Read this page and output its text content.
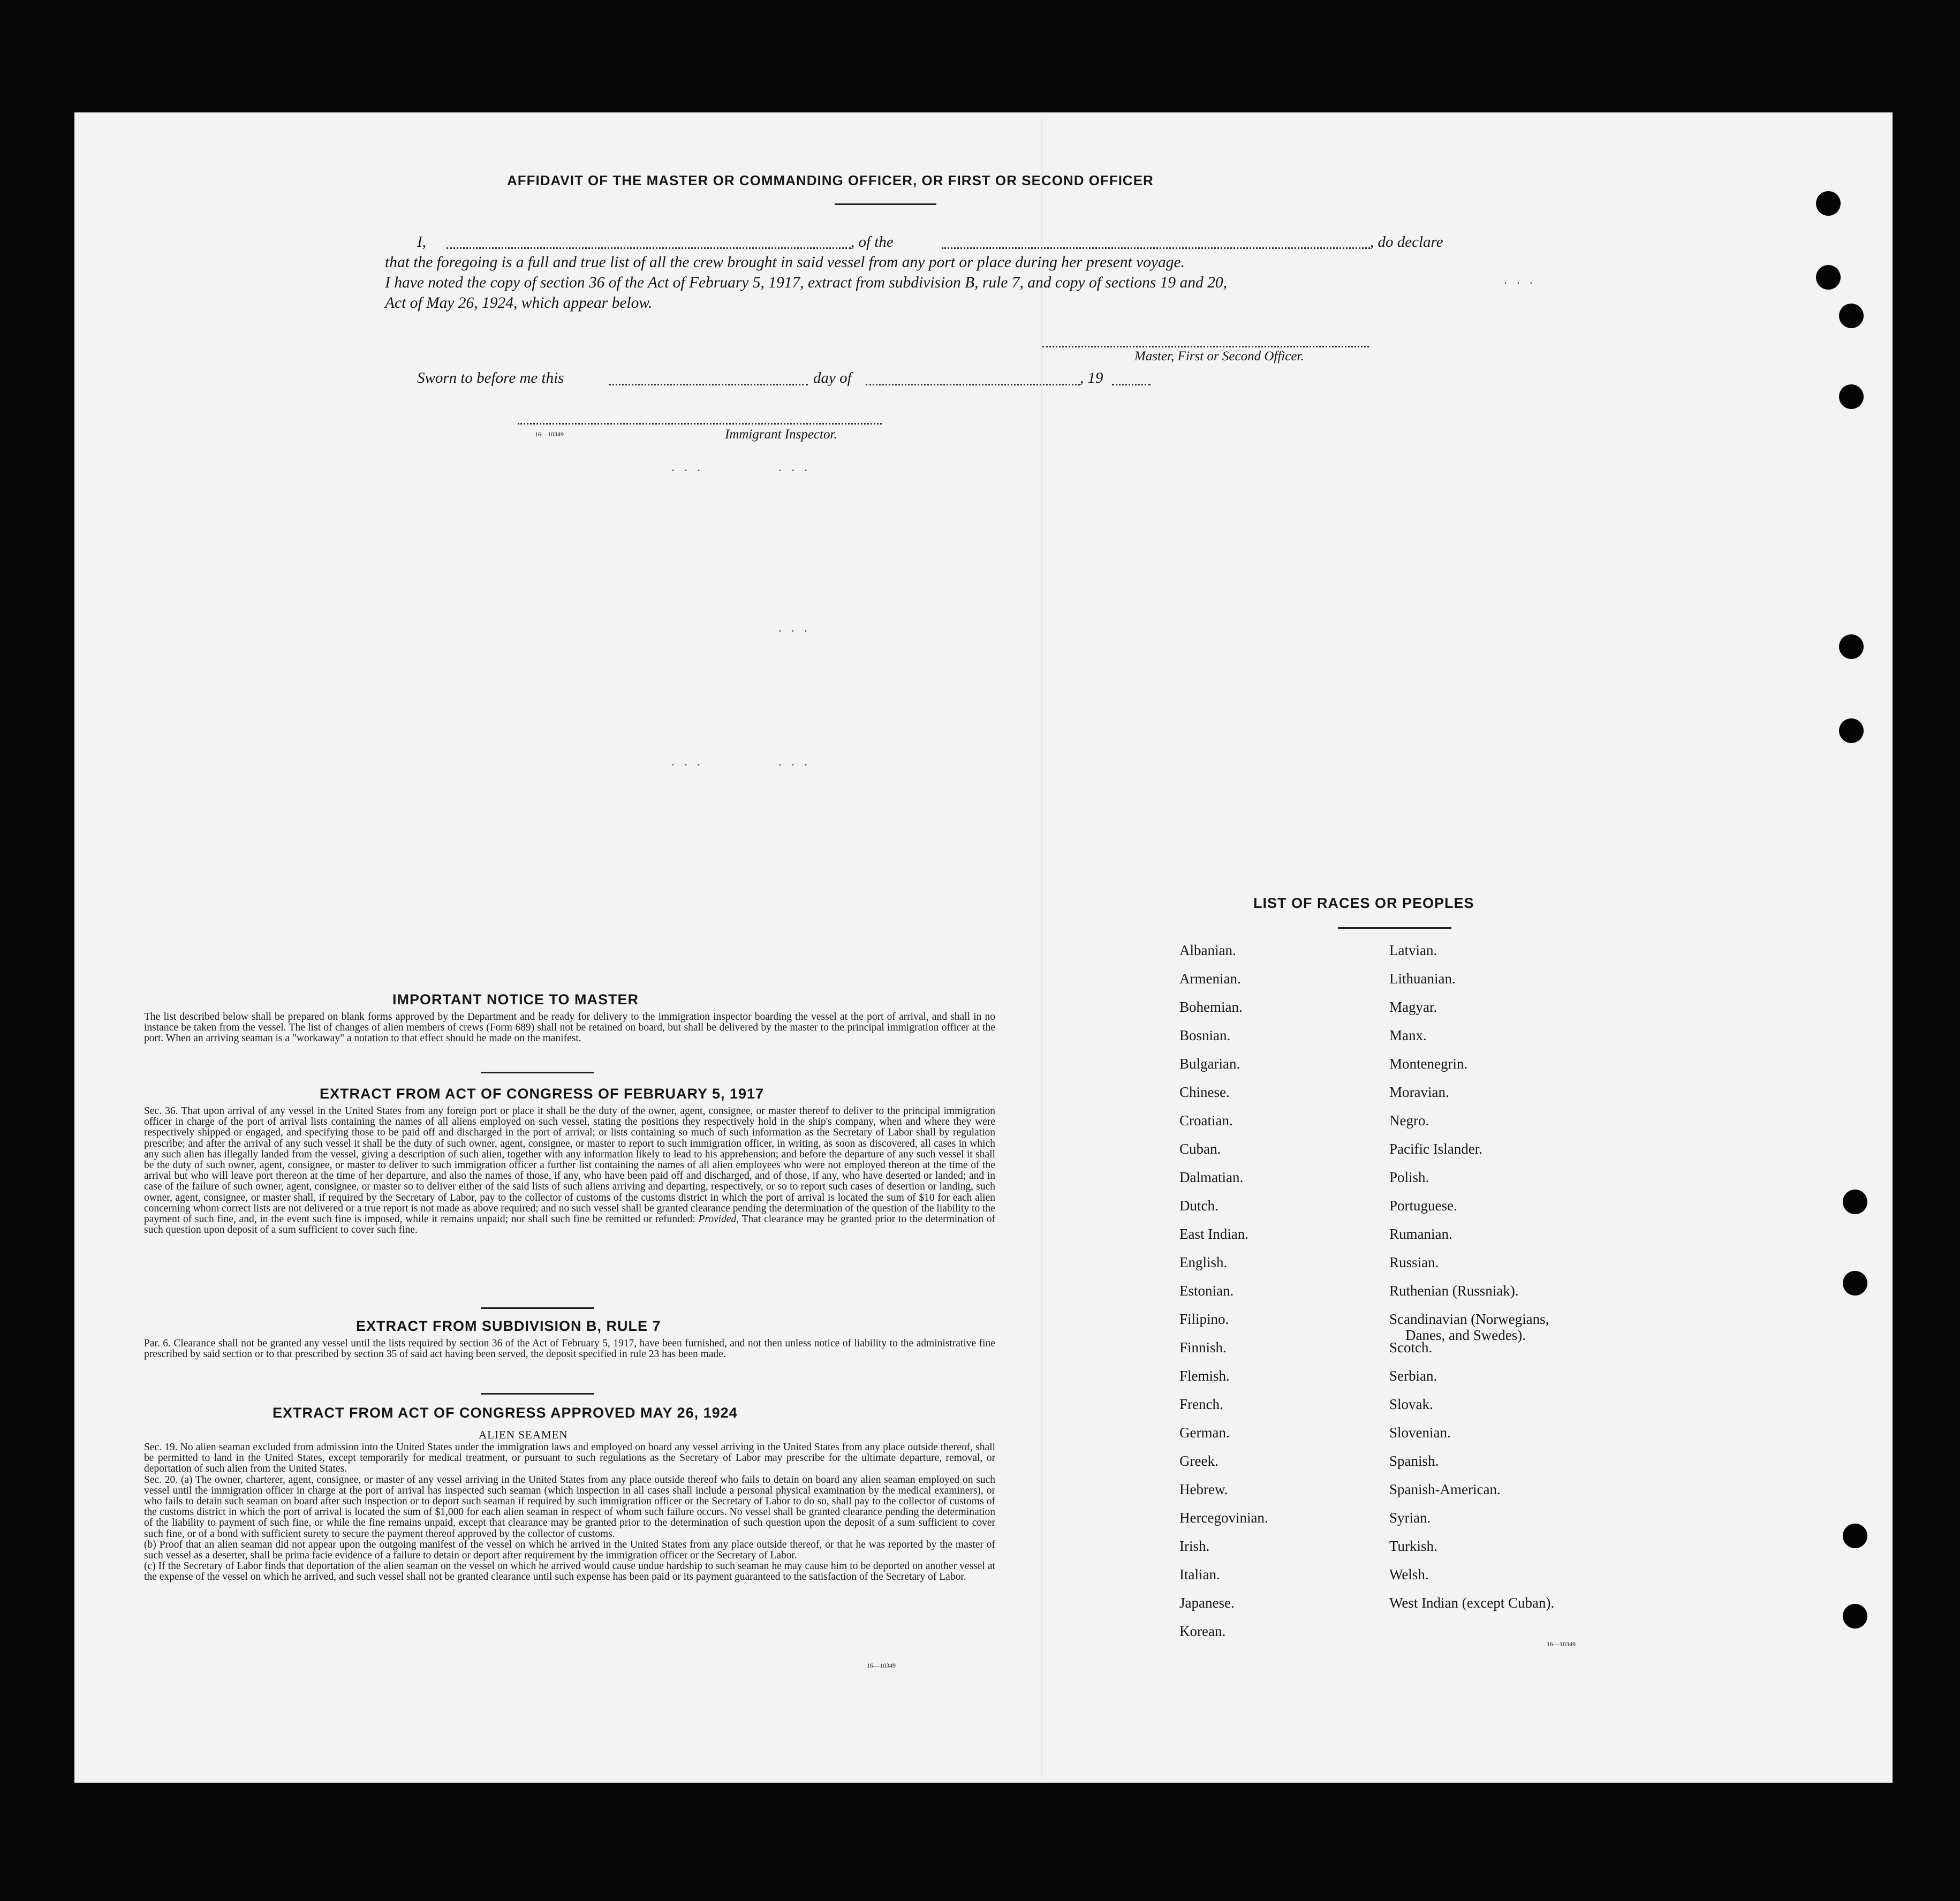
AFFIDAVIT OF THE MASTER OR COMMANDING OFFICER, OR FIRST OR SECOND OFFICER
I,	, of the	, do declare
that the foregoing is a full and true list of all the crew brought in said vessel from any port or place during her present voyage.
I have noted the copy of section 36 of the Act of February 5, 1917, extract from subdivision B, rule 7, and copy of sections 19 and 20,
Act of May 26, 1924, which appear below.
Master, First or Second Officer.
Sworn to before me this	day of	, 19
16—10349	Immigrant Inspector.
...	...
...
...	...
...
IMPORTANT NOTICE TO MASTER
The list described below shall be prepared on blank forms approved by the Department and be ready for delivery to the immigration inspector boarding the vessel at the port of arrival, and shall in no instance be taken from the vessel. The list of changes of alien members of crews (Form 689) shall not be retained on board, but shall be delivered by the master to the principal immigration officer at the port. When an arriving seaman is a "workaway" a notation to that effect should be made on the manifest.
EXTRACT FROM ACT OF CONGRESS OF FEBRUARY 5, 1917
Sec. 36. That upon arrival of any vessel in the United States from any foreign port or place it shall be the duty of the owner, agent, consignee, or master thereof to deliver to the principal immigration officer in charge of the port of arrival lists containing the names of all aliens employed on such vessel, stating the positions they respectively hold in the ship's company, when and where they were respectively shipped or engaged, and specifying those to be paid off and discharged in the port of arrival; or lists containing so much of such information as the Secretary of Labor shall by regulation prescribe; and after the arrival of any such vessel it shall be the duty of such owner, agent, consignee, or master to report to such immigration officer, in writing, as soon as discovered, all cases in which any such alien has illegally landed from the vessel, giving a description of such alien, together with any information likely to lead to his apprehension; and before the departure of any such vessel it shall be the duty of such owner, agent, consignee, or master to deliver to such immigration officer a further list containing the names of all alien employees who were not employed thereon at the time of the arrival but who will leave port thereon at the time of her departure, and also the names of those, if any, who have been paid off and discharged, and of those, if any, who have deserted or landed; and in case of the failure of such owner, agent, consignee, or master so to deliver either of the said lists of such aliens arriving and departing, respectively, or so to report such cases of desertion or landing, such owner, agent, consignee, or master shall, if required by the Secretary of Labor, pay to the collector of customs of the customs district in which the port of arrival is located the sum of $10 for each alien concerning whom correct lists are not delivered or a true report is not made as above required; and no such vessel shall be granted clearance pending the determination of the question of the liability to the payment of such fine, and, in the event such fine is imposed, while it remains unpaid; nor shall such fine be remitted or refunded: Provided, That clearance may be granted prior to the determination of such question upon deposit of a sum sufficient to cover such fine.
EXTRACT FROM SUBDIVISION B, RULE 7
Par. 6. Clearance shall not be granted any vessel until the lists required by section 36 of the Act of February 5, 1917, have been furnished, and not then unless notice of liability to the administrative fine prescribed by said section or to that prescribed by section 35 of said act having been served, the deposit specified in rule 23 has been made.
EXTRACT FROM ACT OF CONGRESS APPROVED MAY 26, 1924
ALIEN SEAMEN
Sec. 19. No alien seaman excluded from admission into the United States under the immigration laws and employed on board any vessel arriving in the United States from any place outside thereof, shall be permitted to land in the United States, except temporarily for medical treatment, or pursuant to such regulations as the Secretary of Labor may prescribe for the ultimate departure, removal, or deportation of such alien from the United States.
Sec. 20. (a) The owner, charterer, agent, consignee, or master of any vessel arriving in the United States from any place outside thereof who fails to detain on board any alien seaman employed on such vessel until the immigration officer in charge at the port of arrival has inspected such seaman (which inspection in all cases shall include a personal physical examination by the medical examiners), or who fails to detain such seaman on board after such inspection or to deport such seaman if required by such immigration officer or the Secretary of Labor to do so, shall pay to the collector of customs of the customs district in which the port of arrival is located the sum of $1,000 for each alien seaman in respect of whom such failure occurs. No vessel shall be granted clearance pending the determination of the liability to payment of such fine, or while the fine remains unpaid, except that clearance may be granted prior to the determination of such question upon the deposit of a sum sufficient to cover such fine, or of a bond with sufficient surety to secure the payment thereof approved by the collector of customs.
(b) Proof that an alien seaman did not appear upon the outgoing manifest of the vessel on which he arrived in the United States from any place outside thereof, or that he was reported by the master of such vessel as a deserter, shall be prima facie evidence of a failure to detain or deport after requirement by the immigration officer or the Secretary of Labor.
(c) If the Secretary of Labor finds that deportation of the alien seaman on the vessel on which he arrived would cause undue hardship to such seaman he may cause him to be deported on another vessel at the expense of the vessel on which he arrived, and such vessel shall not be granted clearance until such expense has been paid or its payment guaranteed to the satisfaction of the Secretary of Labor.
16—10349
LIST OF RACES OR PEOPLES
16—10349
Albanian.
Armenian.
Bohemian.
Bosnian.
Bulgarian.
Chinese.
Croatian.
Cuban.
Dalmatian.
Dutch.
East Indian.
English.
Estonian.
Filipino.
Finnish.
Flemish.
French.
German.
Greek.
Hebrew.
Hercegovinian.
Irish.
Italian.
Japanese.
Korean.
Latvian.
Lithuanian.
Magyar.
Manx.
Montenegrin.
Moravian.
Negro.
Pacific Islander.
Polish.
Portuguese.
Rumanian.
Russian.
Ruthenian (Russniak).
Scandinavian (Norwegians,
Danes, and Swedes).
Scotch.
Serbian.
Slovak.
Slovenian.
Spanish.
Spanish-American.
Syrian.
Turkish.
Welsh.
West Indian (except Cuban).
